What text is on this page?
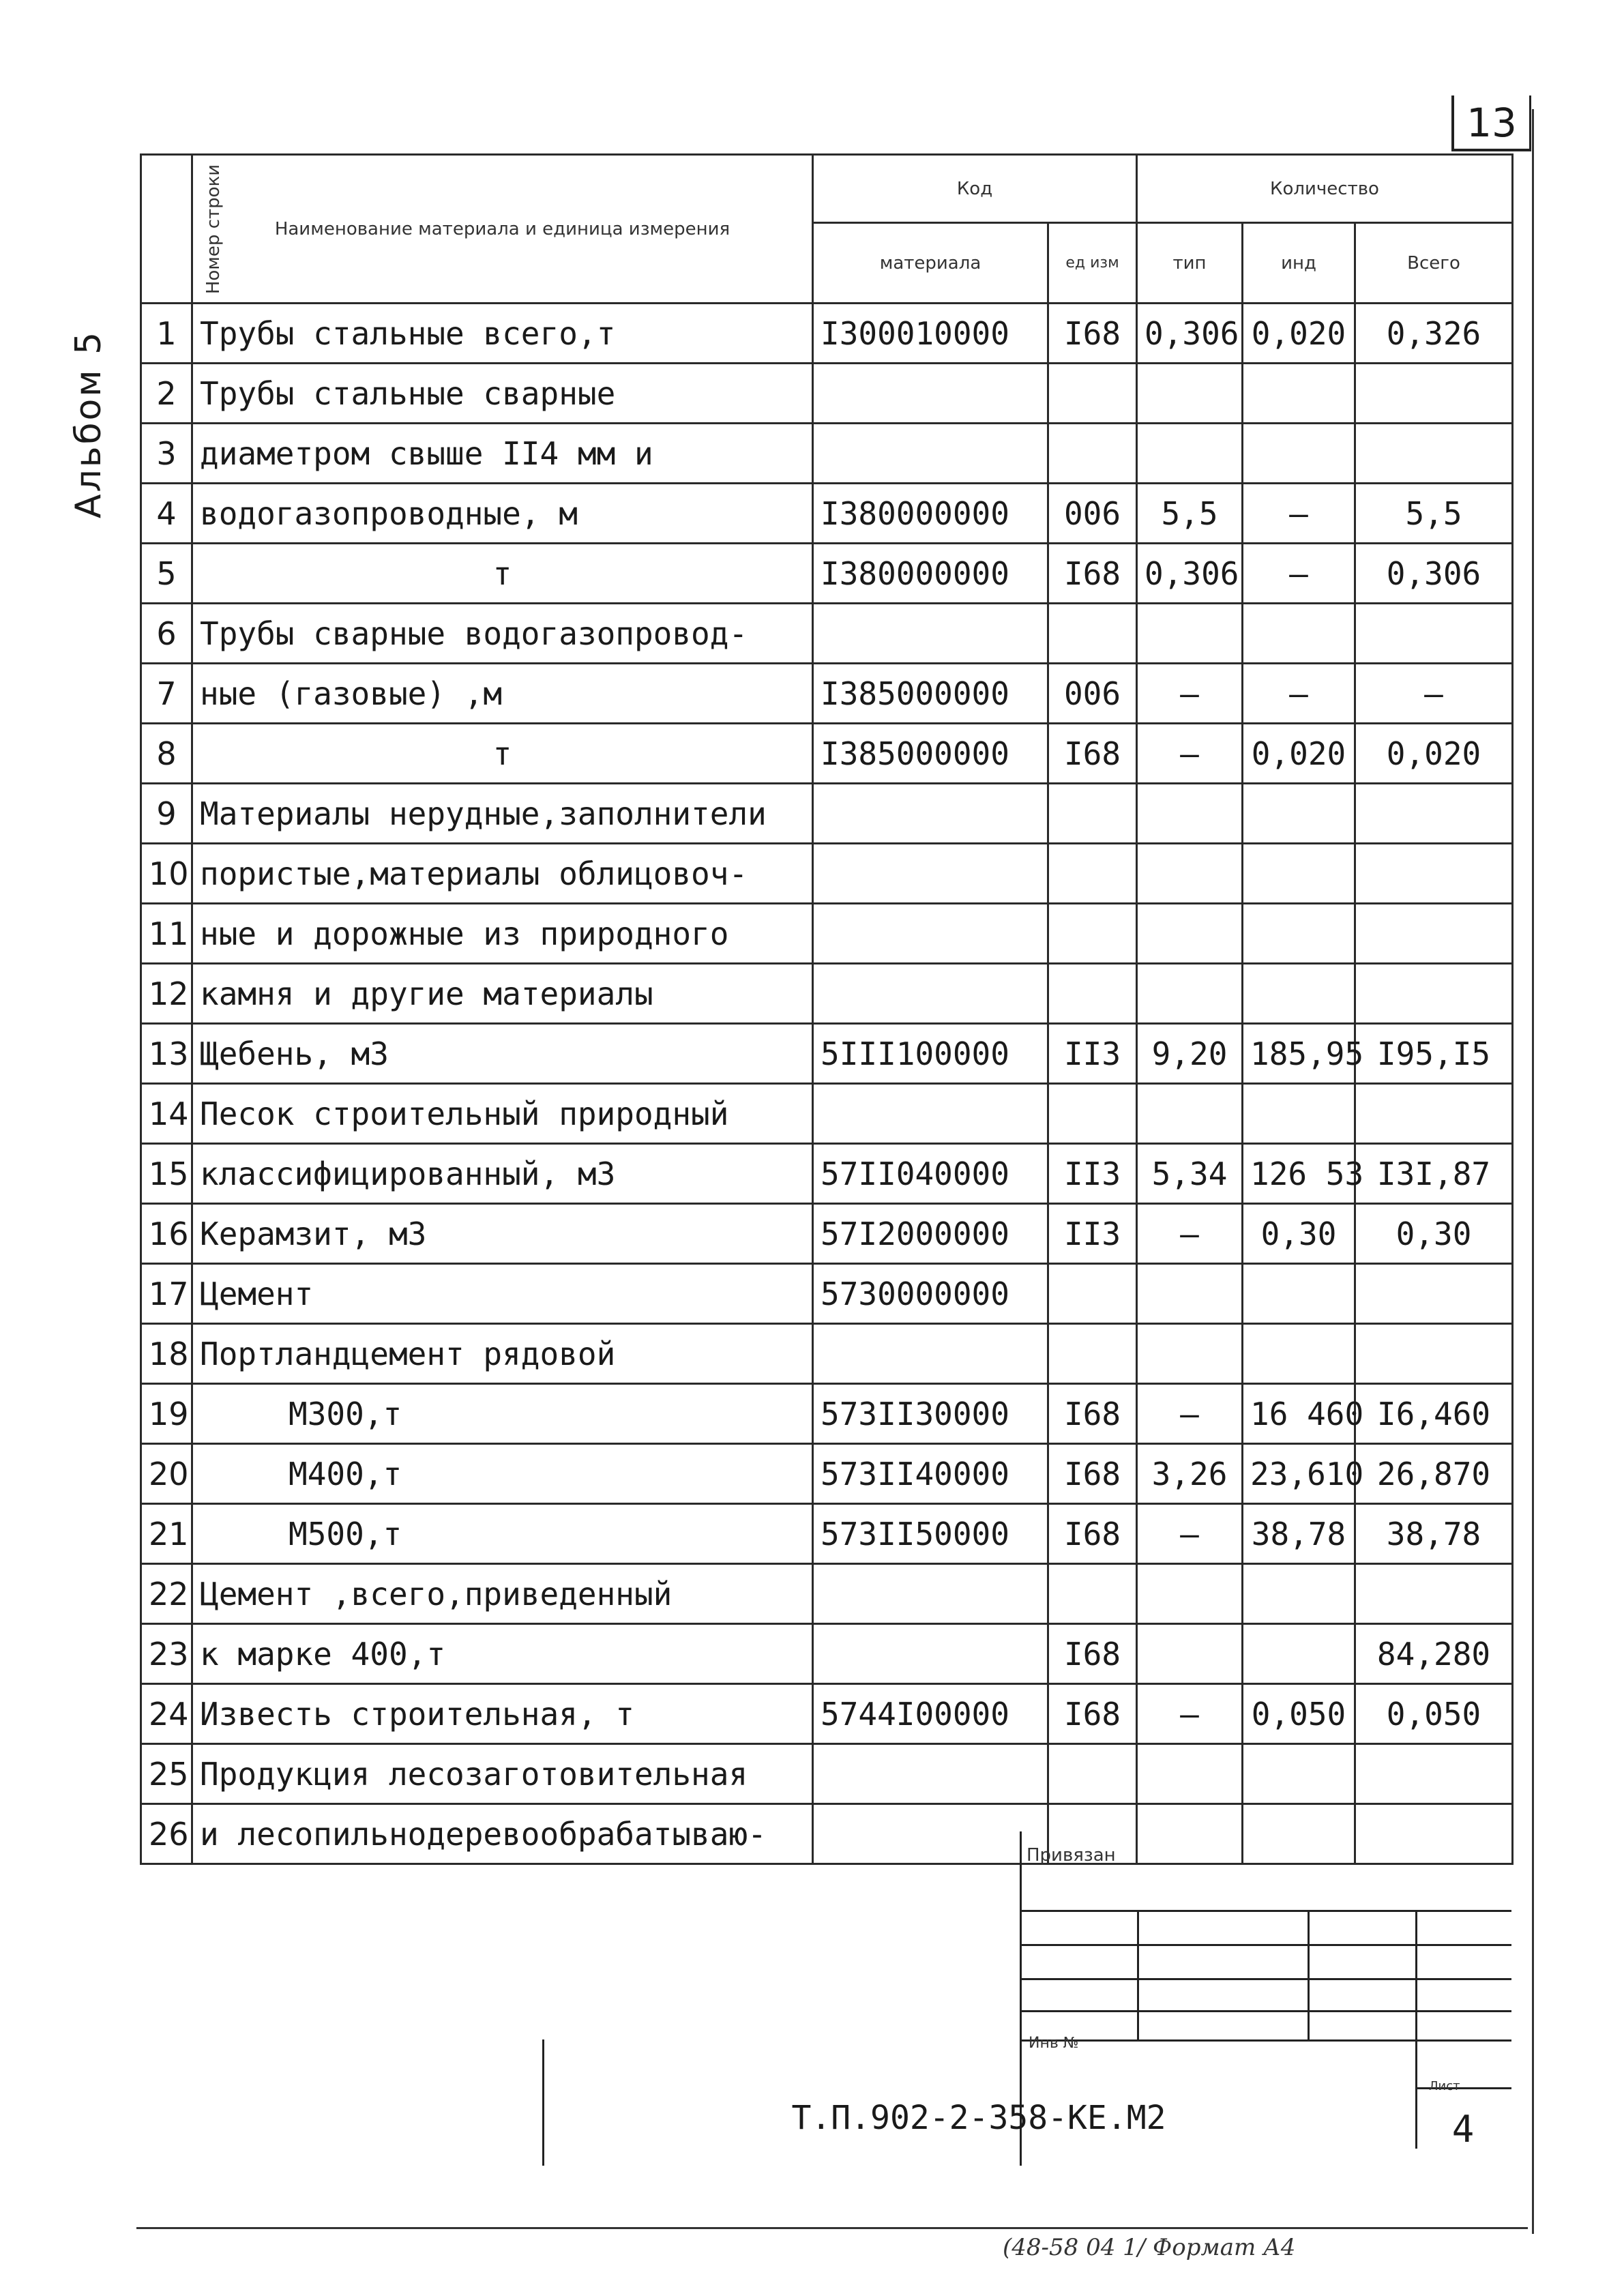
13
Альбом 5
Номер строки	Наименование материала и единица измерения	Код		Количество		
		материала	ед изм	тип	инд	Всего
1	Трубы стальные всего,т	I300010000	I68	0,306	0,020	0,326
2	Трубы стальные сварные					
3	диаметром свыше II4 мм и					
4	водогазопроводные, м	I380000000	006	5,5	–	5,5
5	т	I380000000	I68	0,306	–	0,306
6	Трубы сварные водогазопровод-					
7	ные (газовые) ,м	I385000000	006	–	–	–
8	т	I385000000	I68	–	0,020	0,020
9	Материалы нерудные,заполнители					
10	пористые,материалы облицовоч-					
11	ные и дорожные из природного					
12	камня и другие материалы					
13	Щебень, м3	5III100000	II3	9,20	185,95	I95,I5
14	Песок строительный природный					
15	классифицированный, м3	57II040000	II3	5,34	126 53	I3I,87
16	Керамзит, м3	57I2000000	II3	–	0,30	0,30
17	Цемент	5730000000				
18	Портландцемент рядовой					
19	М300,т	573II30000	I68	–	16 460	I6,460
20	М400,т	573II40000	I68	3,26	23,610	26,870
21	М500,т	573II50000	I68	–	38,78	38,78
22	Цемент ,всего,приведенный					
23	к марке 400,т		I68			84,280
24	Известь строительная, т	5744I00000	I68	–	0,050	0,050
25	Продукция лесозаготовительная					
26	и лесопильнодеревообрабатываю-					
Привязан
Инв №
Т.П.902-2-358-КЕ.М2
Лист
4
(48-58 04 1/ Формат А4
